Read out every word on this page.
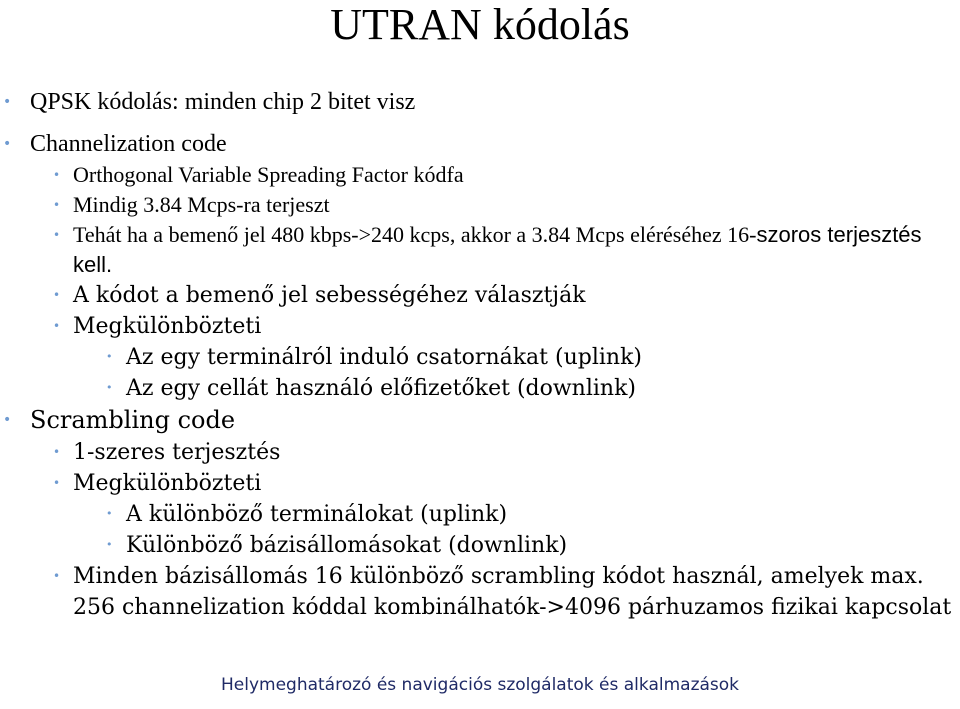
UTRAN kódolás
• QPSK kódolás: minden chip 2 bitet visz
• Channelization code
• Orthogonal Variable Spreading Factor kódfa
• Mindig 3.84 Mcps-ra terjeszt
• Tehát ha a bemenő jel 480 kbps->240 kcps, akkor a 3.84 Mcps eléréséhez 16-szoros terjesztés kell.
• A kódot a bemenő jel sebességéhez választják
• Megkülönbözteti
• Az egy terminálról induló csatornákat (uplink)
• Az egy cellát használó előfizetőket (downlink)
• Scrambling code
• 1-szeres terjesztés
• Megkülönbözteti
• A különböző terminálokat (uplink)
• Különböző bázisállomásokat (downlink)
• Minden bázisállomás 16 különböző scrambling kódot használ, amelyek max.
256 channelization kóddal kombinálhatók->4096 párhuzamos fizikai kapcsolat
Helymeghatározó és navigációs szolgálatok és alkalmazások
